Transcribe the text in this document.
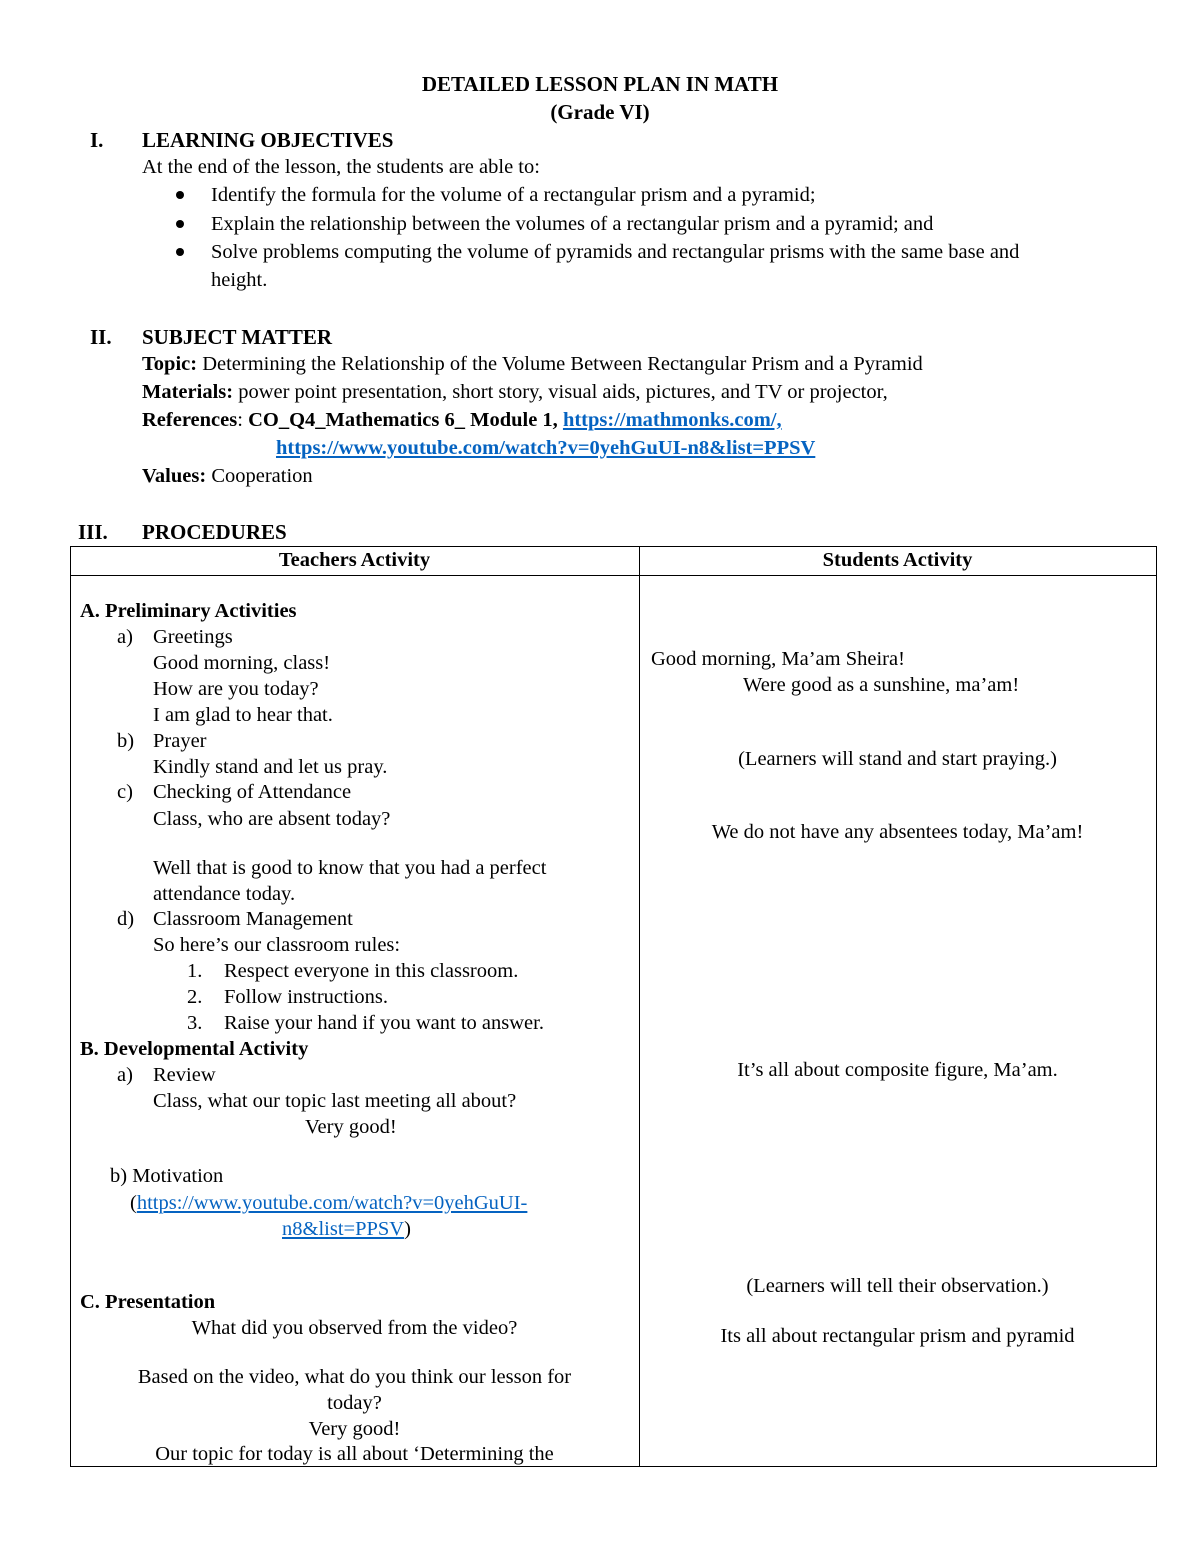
DETAILED LESSON PLAN IN MATH
(Grade VI)
I. LEARNING OBJECTIVES
At the end of the lesson, the students are able to:
Identify the formula for the volume of a rectangular prism and a pyramid;
Explain the relationship between the volumes of a rectangular prism and a pyramid; and
Solve problems computing the volume of pyramids and rectangular prisms with the same base and
height.
II. SUBJECT MATTER
Topic: Determining the Relationship of the Volume Between Rectangular Prism and a Pyramid
Materials: power point presentation, short story, visual aids, pictures, and TV or projector,
References: CO_Q4_Mathematics 6_ Module 1, https://mathmonks.com/,
https://www.youtube.com/watch?v=0yehGuUI-n8&list=PPSV
Values: Cooperation
III. PROCEDURES
Teachers Activity	Students Activity
A. Preliminary Activities
a) Greetings
Good morning, class!
How are you today?
I am glad to hear that.
b) Prayer
Kindly stand and let us pray.
c) Checking of Attendance
Class, who are absent today?
Well that is good to know that you had a perfect
attendance today.
d) Classroom Management
So here’s our classroom rules:
1. Respect everyone in this classroom.
2. Follow instructions.
3. Raise your hand if you want to answer.
B. Developmental Activity
a) Review
Class, what our topic last meeting all about?
Very good!
b) Motivation
(https://www.youtube.com/watch?v=0yehGuUI-
n8&list=PPSV)
C. Presentation
What did you observed from the video?
Based on the video, what do you think our lesson for
today?
Very good!
Our topic for today is all about ‘Determining the
Good morning, Ma’am Sheira!
Were good as a sunshine, ma’am!
(Learners will stand and start praying.)
We do not have any absentees today, Ma’am!
It’s all about composite figure, Ma’am.
(Learners will tell their observation.)
Its all about rectangular prism and pyramid
